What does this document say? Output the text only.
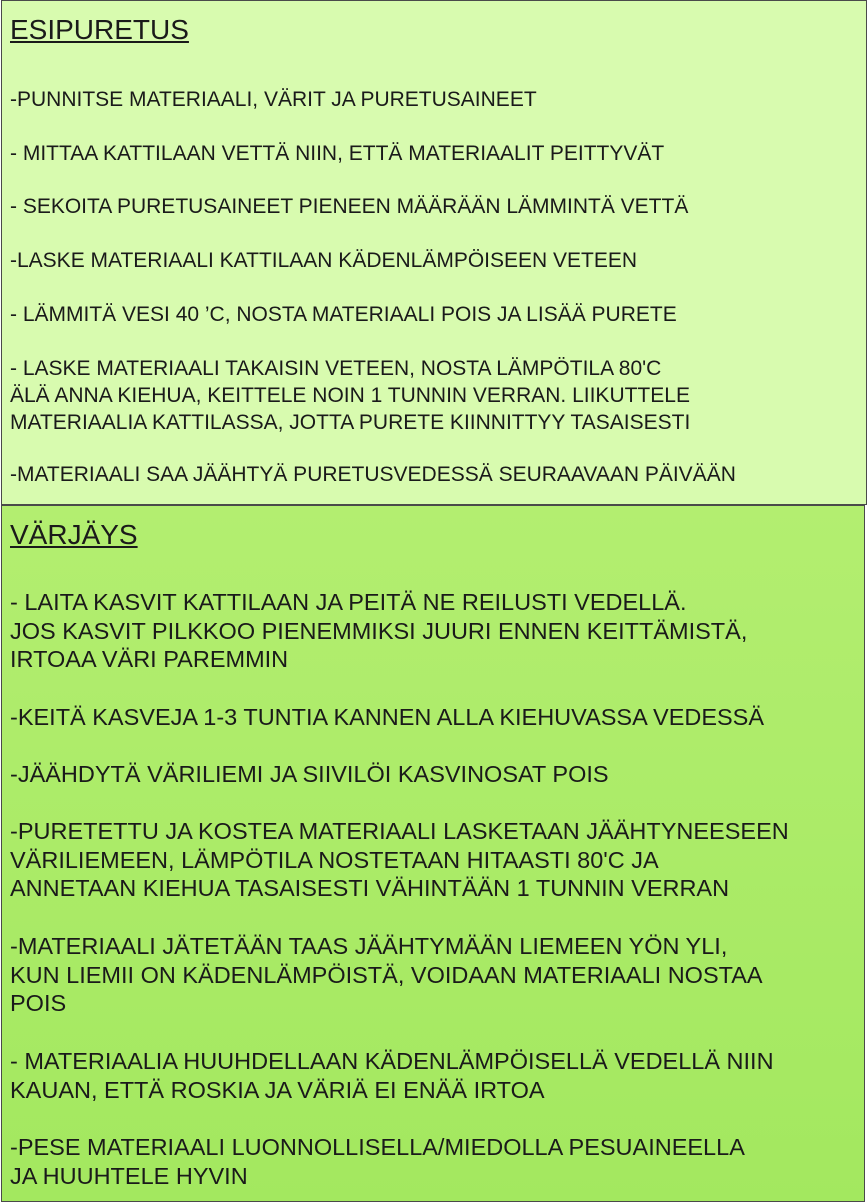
ESIPURETUS
-PUNNITSE MATERIAALI, VÄRIT JA PURETUSAINEET
- MITTAA KATTILAAN VETTÄ NIIN, ETTÄ MATERIAALIT PEITTYVÄT
- SEKOITA PURETUSAINEET PIENEEN MÄÄRÄÄN LÄMMINTÄ VETTÄ
-LASKE MATERIAALI KATTILAAN KÄDENLÄMPÖISEEN VETEEN
- LÄMMITÄ VESI 40 ’C, NOSTA MATERIAALI POIS JA LISÄÄ PURETE
- LASKE MATERIAALI TAKAISIN VETEEN, NOSTA LÄMPÖTILA 80'C
ÄLÄ ANNA KIEHUA, KEITTELE NOIN 1 TUNNIN VERRAN. LIIKUTTELE
MATERIAALIA KATTILASSA, JOTTA PURETE KIINNITTYY TASAISESTI
-MATERIAALI SAA JÄÄHTYÄ PURETUSVEDESSÄ SEURAAVAAN PÄIVÄÄN
VÄRJÄYS
- LAITA KASVIT KATTILAAN JA PEITÄ NE REILUSTI VEDELLÄ.
JOS KASVIT PILKKOO PIENEMMIKSI JUURI ENNEN KEITTÄMISTÄ,
IRTOAA VÄRI PAREMMIN
-KEITÄ KASVEJA 1-3 TUNTIA KANNEN ALLA KIEHUVASSA VEDESSÄ
-JÄÄHDYTÄ VÄRILIEMI JA SIIVILÖI KASVINOSAT POIS
-PURETETTU JA KOSTEA MATERIAALI LASKETAAN JÄÄHTYNEESEEN
VÄRILIEMEEN, LÄMPÖTILA NOSTETAAN HITAASTI 80'C JA
ANNETAAN KIEHUA TASAISESTI VÄHINTÄÄN 1 TUNNIN VERRAN
-MATERIAALI JÄTETÄÄN TAAS JÄÄHTYMÄÄN LIEMEEN YÖN YLI,
KUN LIEMII ON KÄDENLÄMPÖISTÄ, VOIDAAN MATERIAALI NOSTAA
POIS
- MATERIAALIA HUUHDELLAAN KÄDENLÄMPÖISELLÄ VEDELLÄ NIIN
KAUAN, ETTÄ ROSKIA JA VÄRIÄ EI ENÄÄ IRTOA
-PESE MATERIAALI LUONNOLLISELLA/MIEDOLLA PESUAINEELLA
JA HUUHTELE HYVIN
